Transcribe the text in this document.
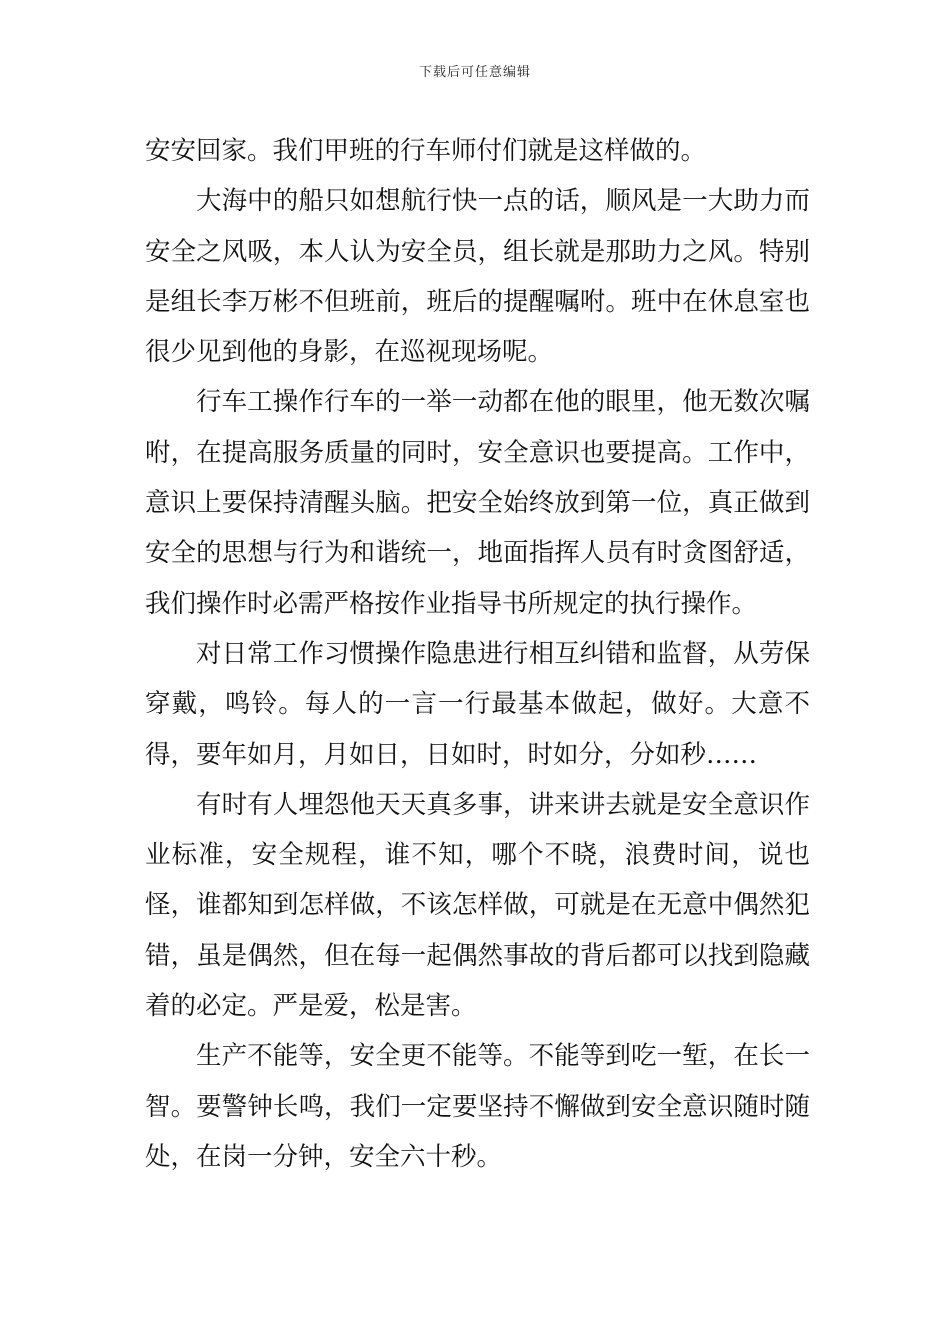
下载后可任意编辑

安安回家。我们甲班的行车师付们就是这样做的。

大海中的船只如想航行快一点的话，顺风是一大助力而安全之风吸，本人认为安全员，组长就是那助力之风。特别是组长李万彬不但班前，班后的提醒嘱咐。班中在休息室也很少见到他的身影，在巡视现场呢。

行车工操作行车的一举一动都在他的眼里，他无数次嘱咐，在提高服务质量的同时，安全意识也要提高。工作中，意识上要保持清醒头脑。把安全始终放到第一位，真正做到安全的思想与行为和谐统一，地面指挥人员有时贪图舒适，我们操作时必需严格按作业指导书所规定的执行操作。

对日常工作习惯操作隐患进行相互纠错和监督，从劳保穿戴，鸣铃。每人的一言一行最基本做起，做好。大意不得，要年如月，月如日，日如时，时如分，分如秒……

有时有人埋怨他天天真多事，讲来讲去就是安全意识作业标准，安全规程，谁不知，哪个不晓，浪费时间，说也怪，谁都知到怎样做，不该怎样做，可就是在无意中偶然犯错，虽是偶然，但在每一起偶然事故的背后都可以找到隐藏着的必定。严是爱，松是害。

生产不能等，安全更不能等。不能等到吃一堑，在长一智。要警钟长鸣，我们一定要坚持不懈做到安全意识随时随处，在岗一分钟，安全六十秒。
